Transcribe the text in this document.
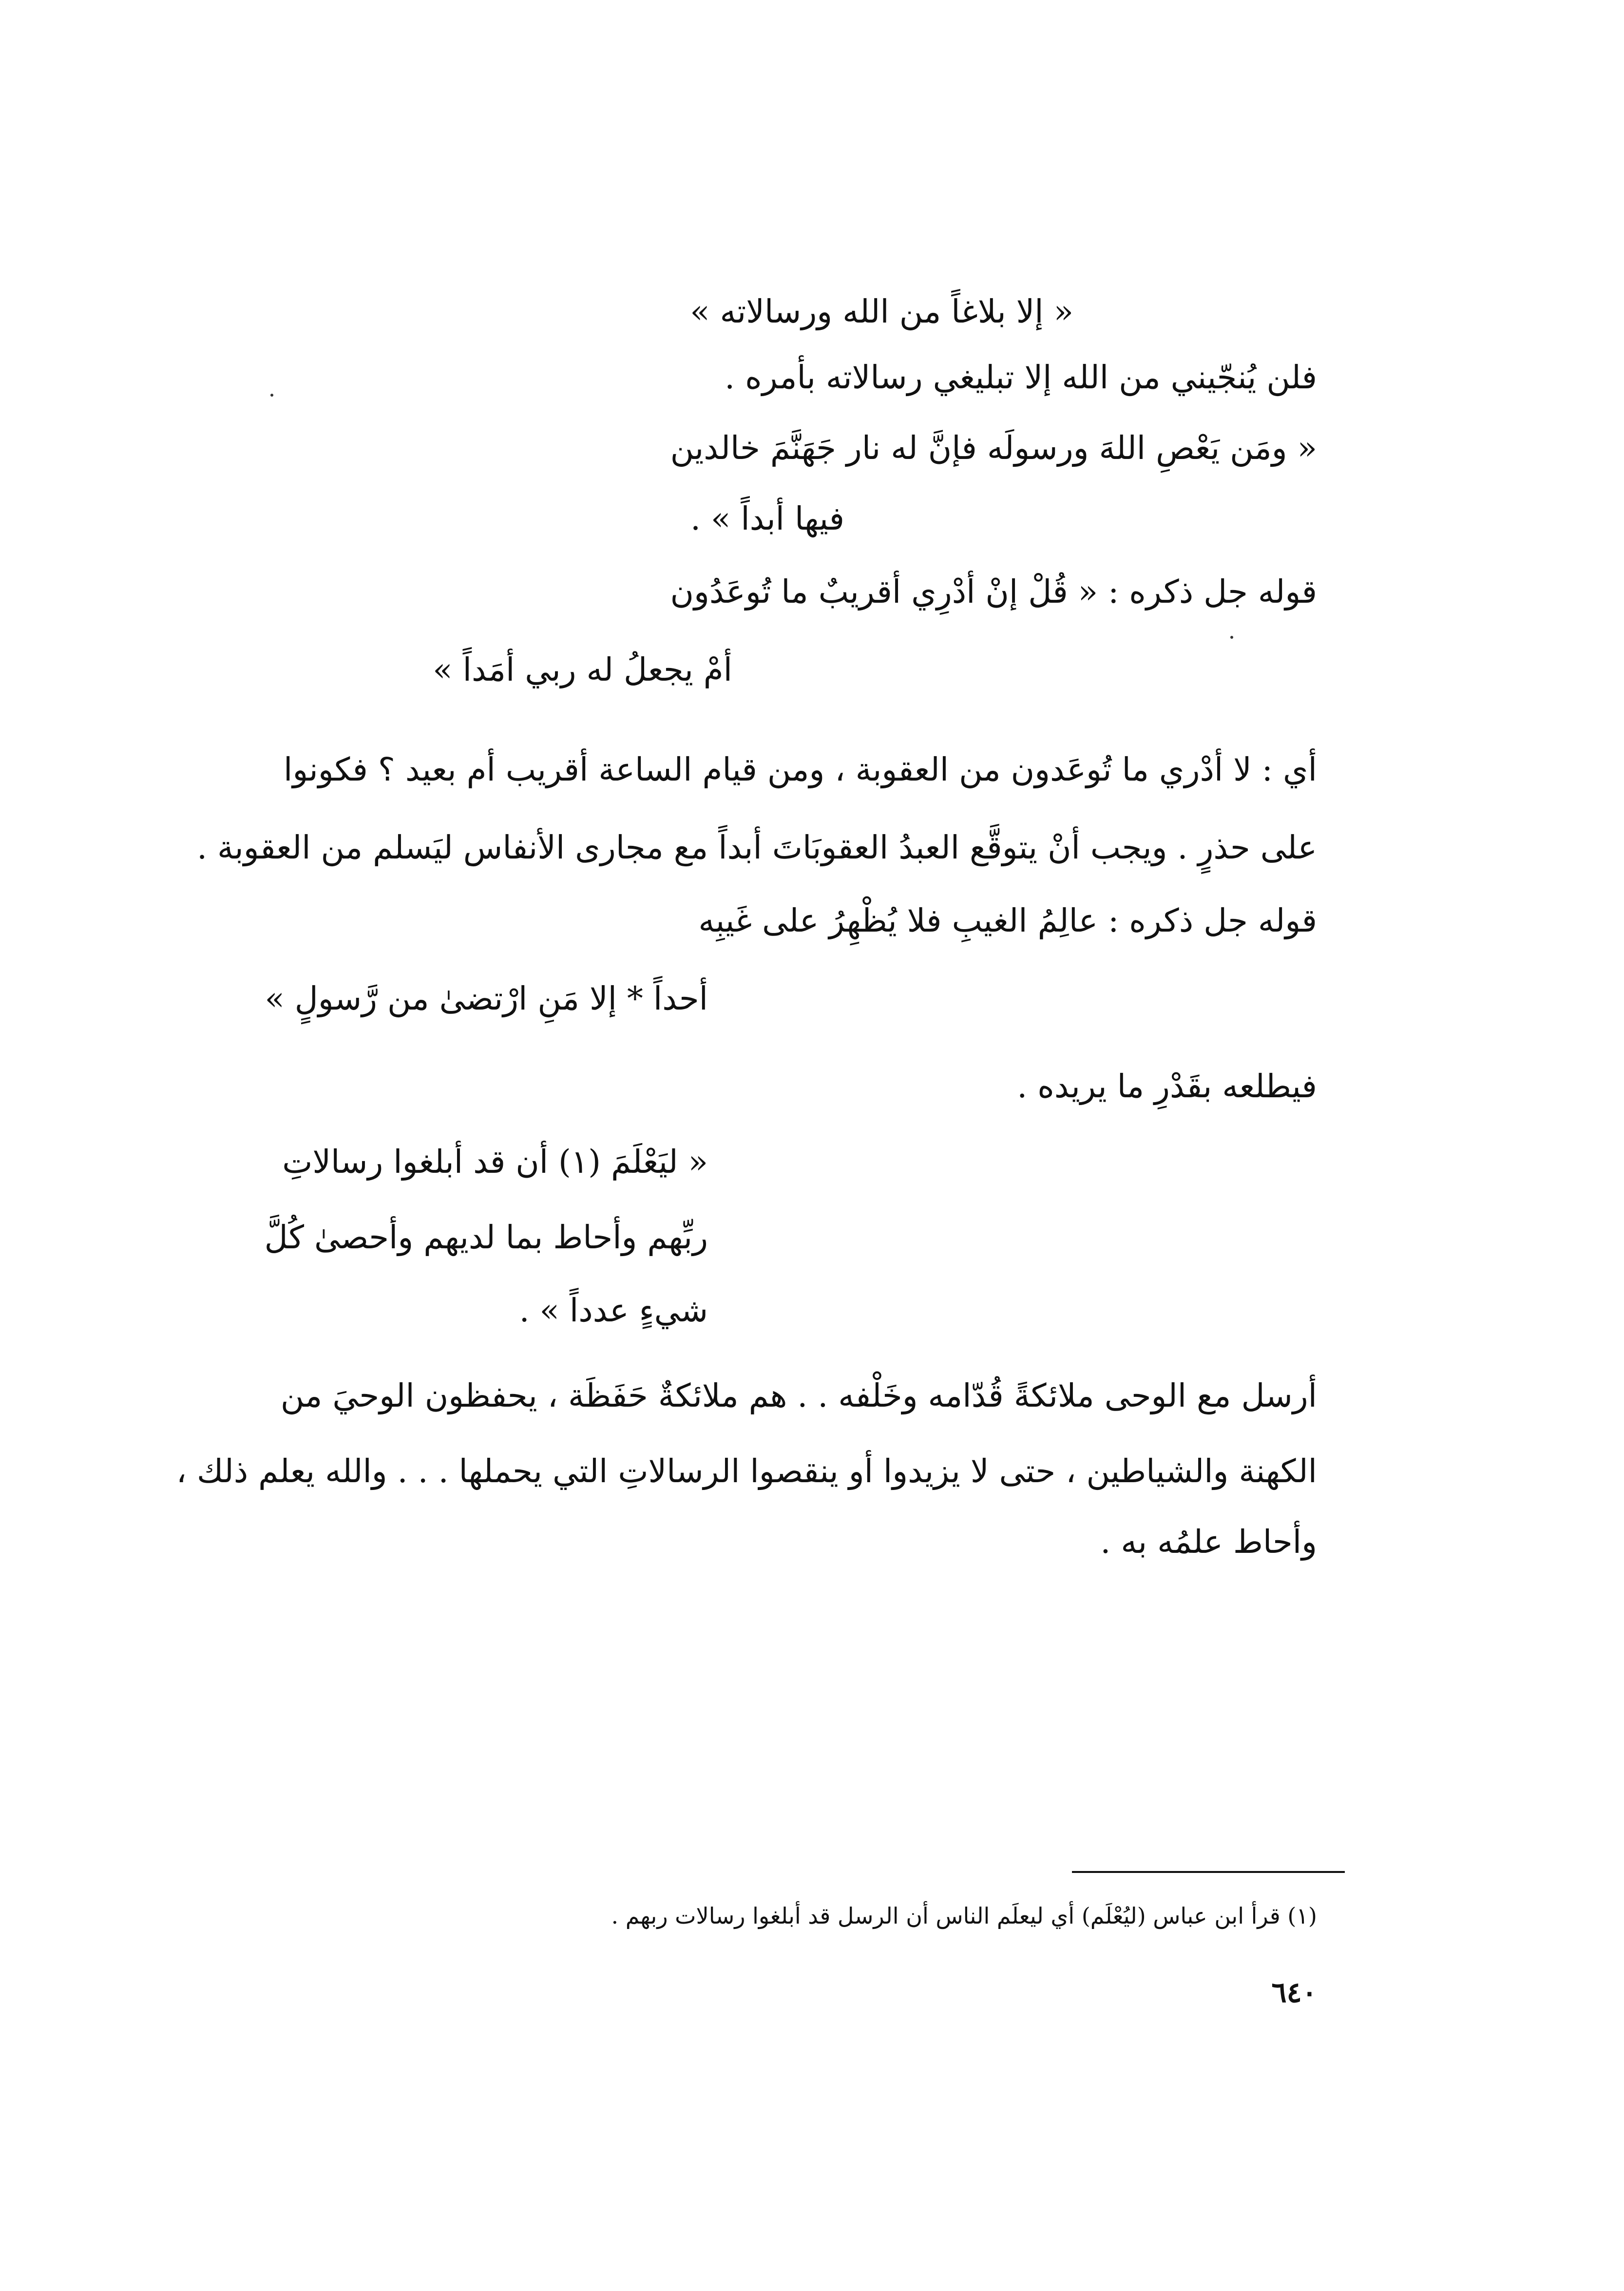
« إلا بلاغاً من الله ورسالاته »
فلن يُنجّيني من الله إلا تبليغي رسالاته بأمره .
« ومَن يَعْصِ اللهَ ورسولَه فإنَّ له نار جَهَنَّمَ خالدين
فيها أبداً » .
قوله جل ذكره : « قُلْ إنْ أدْرِي أقريبٌ ما تُوعَدُون
أمْ يجعلُ له ربي أمَداً »
أي : لا أدْري ما تُوعَدون من العقوبة ، ومن قيام الساعة أقريب أم بعيد ؟ فكونوا
على حذرٍ . ويجب أنْ يتوقَّع العبدُ العقوبَاتَ أبداً مع مجارى الأنفاس ليَسلم من العقوبة .
قوله جل ذكره : عالِمُ الغيبِ فلا يُظْهِرُ على غَيبِه
أحداً * إلا مَنِ ارْتضىٰ من رَّسولٍ »
فيطلعه بقَدْرِ ما يريده .
« ليَعْلَمَ (١) أن قد أبلغوا رسالاتِ
ربِّهم وأحاط بما لديهم وأحصىٰ كُلَّ
شيءٍ عدداً » .
أرسل مع الوحى ملائكةً قُدّامه وخَلْفه . . هم ملائكةٌ حَفَظَة ، يحفظون الوحيَ من
الكهنة والشياطين ، حتى لا يزيدوا أو ينقصوا الرسالاتِ التي يحملها . . . والله يعلم ذلك ،
وأحاط علمُه به .
(١) قرأ ابن عباس (ليُعْلَم) أي ليعلَم الناس أن الرسل قد أبلغوا رسالات ربهم .
٦٤٠
